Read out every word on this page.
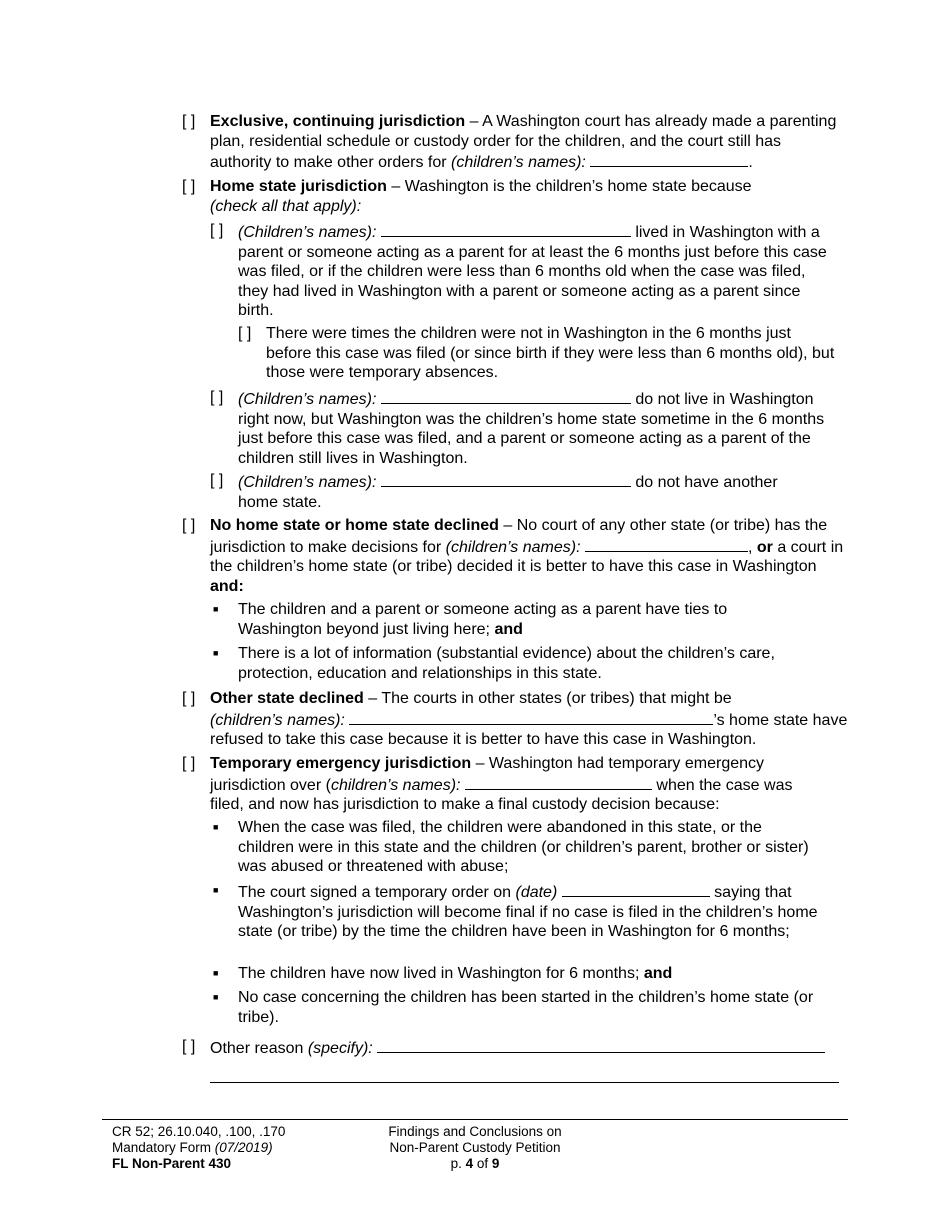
[ ] Exclusive, continuing jurisdiction – A Washington court has already made a parenting plan, residential schedule or custody order for the children, and the court still has authority to make other orders for (children’s names):	.
[ ] Home state jurisdiction – Washington is the children’s home state because
(check all that apply):
[ ] (Children’s names):	lived in Washington with a parent or someone acting as a parent for at least the 6 months just before this case was filed, or if the children were less than 6 months old when the case was filed, they had lived in Washington with a parent or someone acting as a parent since birth.
[ ] There were times the children were not in Washington in the 6 months just before this case was filed (or since birth if they were less than 6 months old), but those were temporary absences.
[ ] (Children’s names):	do not live in Washington right now, but Washington was the children’s home state sometime in the 6 months just before this case was filed, and a parent or someone acting as a parent of the children still lives in Washington.
[ ] (Children’s names):	do not have another home state.
[ ] No home state or home state declined – No court of any other state (or tribe) has the jurisdiction to make decisions for (children’s names):	, or a court in the children’s home state (or tribe) decided it is better to have this case in Washington and:
■ The children and a parent or someone acting as a parent have ties to Washington beyond just living here; and
■ There is a lot of information (substantial evidence) about the children’s care, protection, education and relationships in this state.
[ ] Other state declined – The courts in other states (or tribes) that might be
(children’s names):	’s home state have refused to take this case because it is better to have this case in Washington.
[ ] Temporary emergency jurisdiction – Washington had temporary emergency jurisdiction over (children’s names):	when the case was filed, and now has jurisdiction to make a final custody decision because:
■ When the case was filed, the children were abandoned in this state, or the children were in this state and the children (or children’s parent, brother or sister) was abused or threatened with abuse;
■ The court signed a temporary order on (date)	saying that Washington’s jurisdiction will become final if no case is filed in the children’s home state (or tribe) by the time the children have been in Washington for 6 months;
■ The children have now lived in Washington for 6 months; and
■ No case concerning the children has been started in the children’s home state (or tribe).
[ ] Other reason (specify):
CR 52; 26.10.040, .100, .170
Mandatory Form (07/2019)
FL Non-Parent 430
Findings and Conclusions on
Non-Parent Custody Petition
p. 4 of 9
